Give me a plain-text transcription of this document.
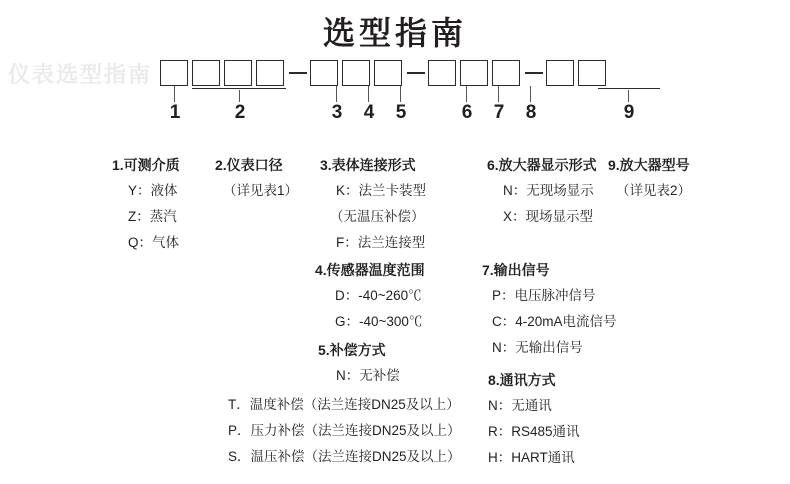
选型指南
仪表选型指南
1	2	3	4	5	6	7	8	9
1.可测介质
Y：液体
Z：蒸汽
Q：气体
2.仪表口径
（详见表1）
3.表体连接形式
K：法兰卡装型
（无温压补偿）
F：法兰连接型
4.传感器温度范围
D：-40~260℃
G：-40~300℃
5.补偿方式
N：无补偿
T．温度补偿（法兰连接DN25及以上）
P．压力补偿（法兰连接DN25及以上）
S．温压补偿（法兰连接DN25及以上）
6.放大器显示形式
N：无现场显示
X：现场显示型
7.输出信号
P：电压脉冲信号
C：4-20mA电流信号
N：无输出信号
8.通讯方式
N：无通讯
R：RS485通讯
H：HART通讯
9.放大器型号
（详见表2）
